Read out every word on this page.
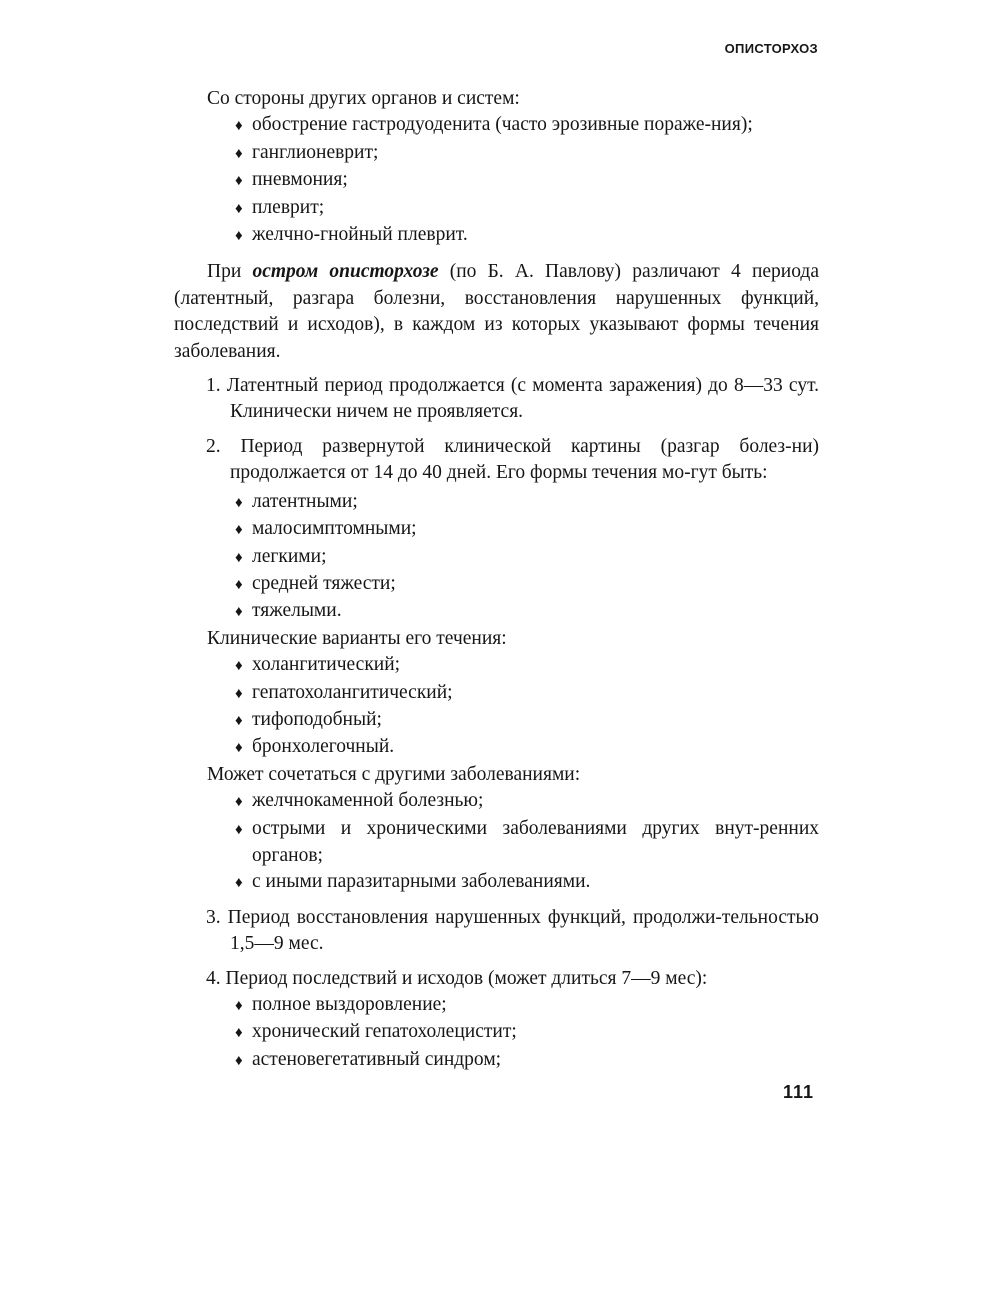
ОПИСТОРХОЗ

Со стороны других органов и систем:

♦ обострение гастродуоденита (часто эрозивные пораже-ния);

♦ ганглионеврит;

♦ пневмония;

♦ плеврит;

♦ желчно-гнойный плеврит.

При остром описторхозе (по Б. А. Павлову) различают 4 периода (латентный, разгара болезни, восстановления нарушенных функций, последствий и исходов), в каждом из которых указывают формы течения заболевания.

1. Латентный период продолжается (с момента заражения) до 8—33 сут. Клинически ничем не проявляется.

2. Период развернутой клинической картины (разгар болез-ни) продолжается от 14 до 40 дней. Его формы течения мо-гут быть:

♦ латентными;

♦ малосимптомными;

♦ легкими;

♦ средней тяжести;

♦ тяжелыми.

Клинические варианты его течения:

♦ холангитический;

♦ гепатохолангитический;

♦ тифоподобный;

♦ бронхолегочный.

Может сочетаться с другими заболеваниями:

♦ желчнокаменной болезнью;

♦ острыми и хроническими заболеваниями других внут-ренних органов;

♦ с иными паразитарными заболеваниями.

3. Период восстановления нарушенных функций, продолжи-тельностью 1,5—9 мес.

4. Период последствий и исходов (может длиться 7—9 мес):

♦ полное выздоровление;

♦ хронический гепатохолецистит;

♦ астеновегетативный синдром;

111
